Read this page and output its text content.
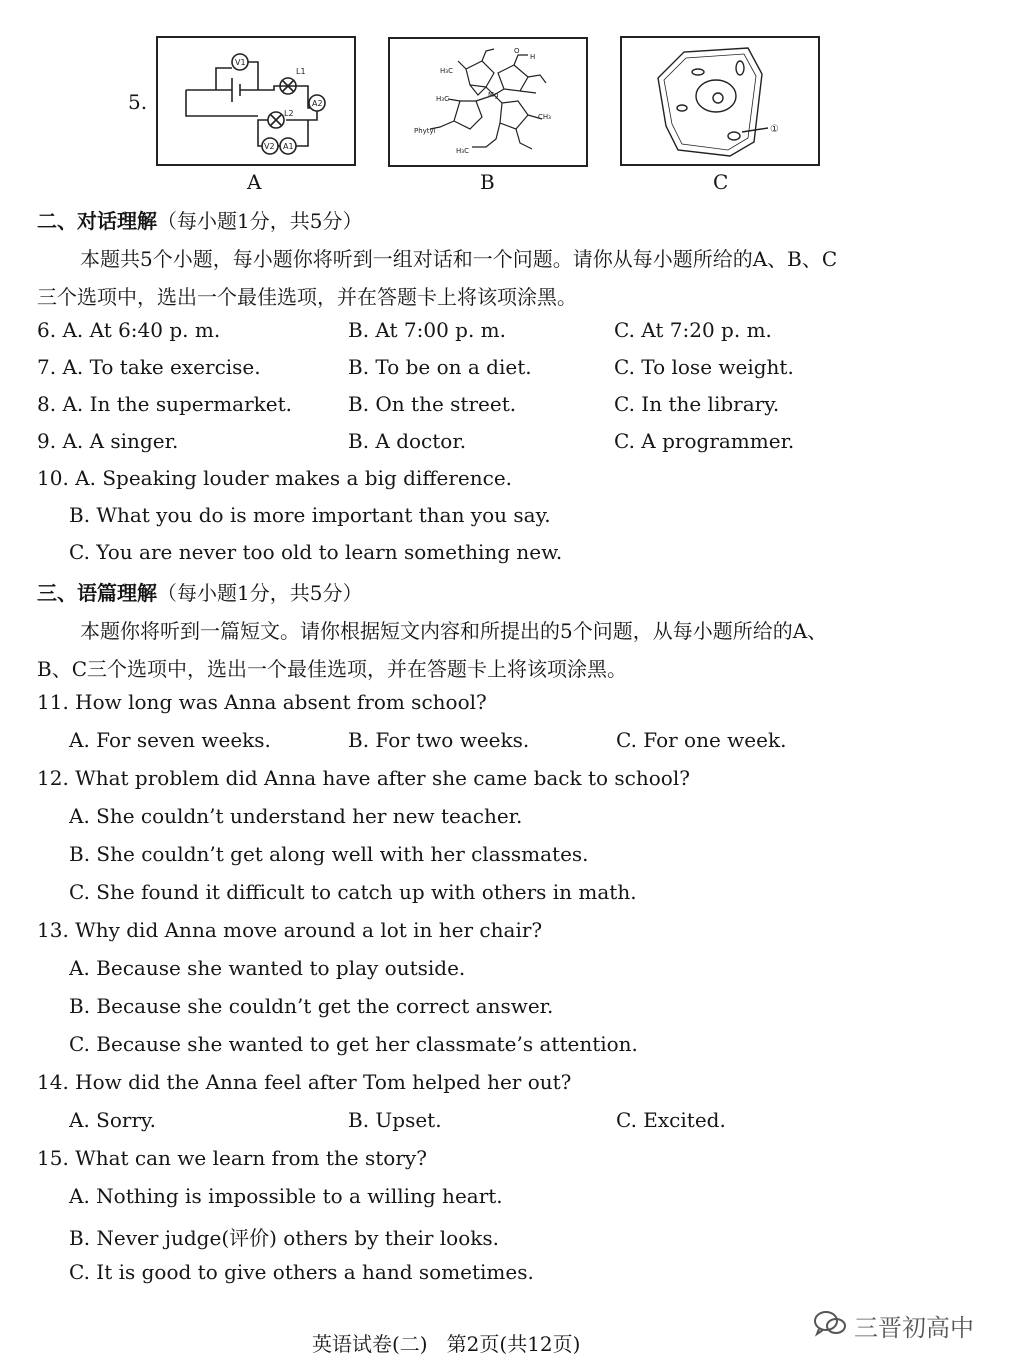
5.
V1
L1
A2
L2
V2 A1
H₃C
H₃C
H₃C
Mg
Phytyl
CH₃
H
O
①
A	B	C
二、对话理解（每小题1分，共5分）
本题共5个小题，每小题你将听到一组对话和一个问题。请你从每小题所给的A、B、C
三个选项中，选出一个最佳选项，并在答题卡上将该项涂黑。
6. A. At 6:40 p. m.	B. At 7:00 p. m.	C. At 7:20 p. m.
7. A. To take exercise.	B. To be on a diet.	C. To lose weight.
8. A. In the supermarket.	B. On the street.	C. In the library.
9. A. A singer.	B. A doctor.	C. A programmer.
10. A. Speaking louder makes a big difference.
B. What you do is more important than you say.
C. You are never too old to learn something new.
三、语篇理解（每小题1分，共5分）
本题你将听到一篇短文。请你根据短文内容和所提出的5个问题，从每小题所给的A、
B、C三个选项中，选出一个最佳选项，并在答题卡上将该项涂黑。
11. How long was Anna absent from school?
A. For seven weeks.	B. For two weeks.	C. For one week.
12. What problem did Anna have after she came back to school?
A. She couldn’t understand her new teacher.
B. She couldn’t get along well with her classmates.
C. She found it difficult to catch up with others in math.
13. Why did Anna move around a lot in her chair?
A. Because she wanted to play outside.
B. Because she couldn’t get the correct answer.
C. Because she wanted to get her classmate’s attention.
14. How did the Anna feel after Tom helped her out?
A. Sorry.	B. Upset.	C. Excited.
15. What can we learn from the story?
A. Nothing is impossible to a willing heart.
B. Never judge(评价) others by their looks.
C. It is good to give others a hand sometimes.
英语试卷(二)   第2页(共12页)
三晋初高中
